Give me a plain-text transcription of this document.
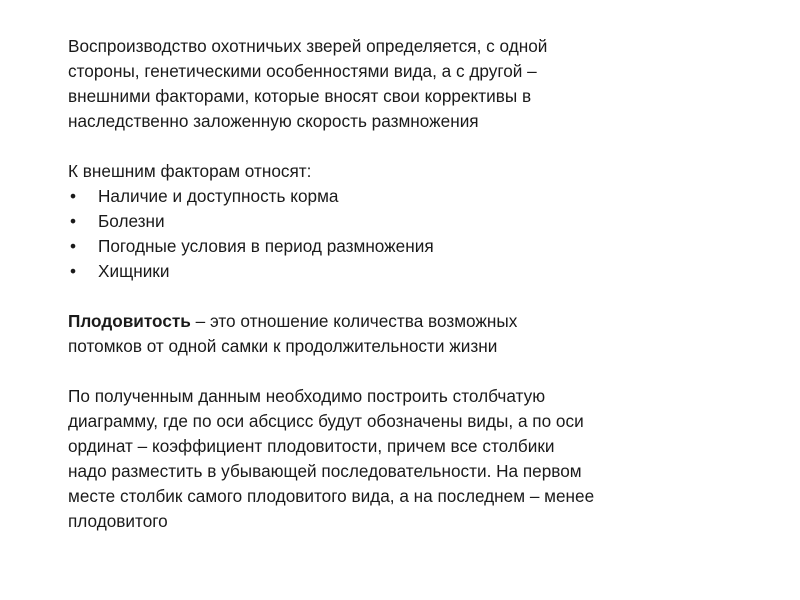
Воспроизводство охотничьих зверей определяется, с одной
стороны, генетическими особенностями вида, а с другой –
внешними факторами, которые вносят свои коррективы в
наследственно заложенную скорость размножения

К внешним факторам относят:

• Наличие и доступность корма
• Болезни
• Погодные условия в период размножения
• Хищники

Плодовитость – это отношение количества возможных
потомков от одной самки к продолжительности жизни

По полученным данным необходимо построить столбчатую
диаграмму, где по оси абсцисс будут обозначены виды, а по оси
ординат – коэффициент плодовитости, причем все столбики
надо разместить в убывающей последовательности. На первом
месте столбик самого плодовитого вида, а на последнем – менее
плодовитого
